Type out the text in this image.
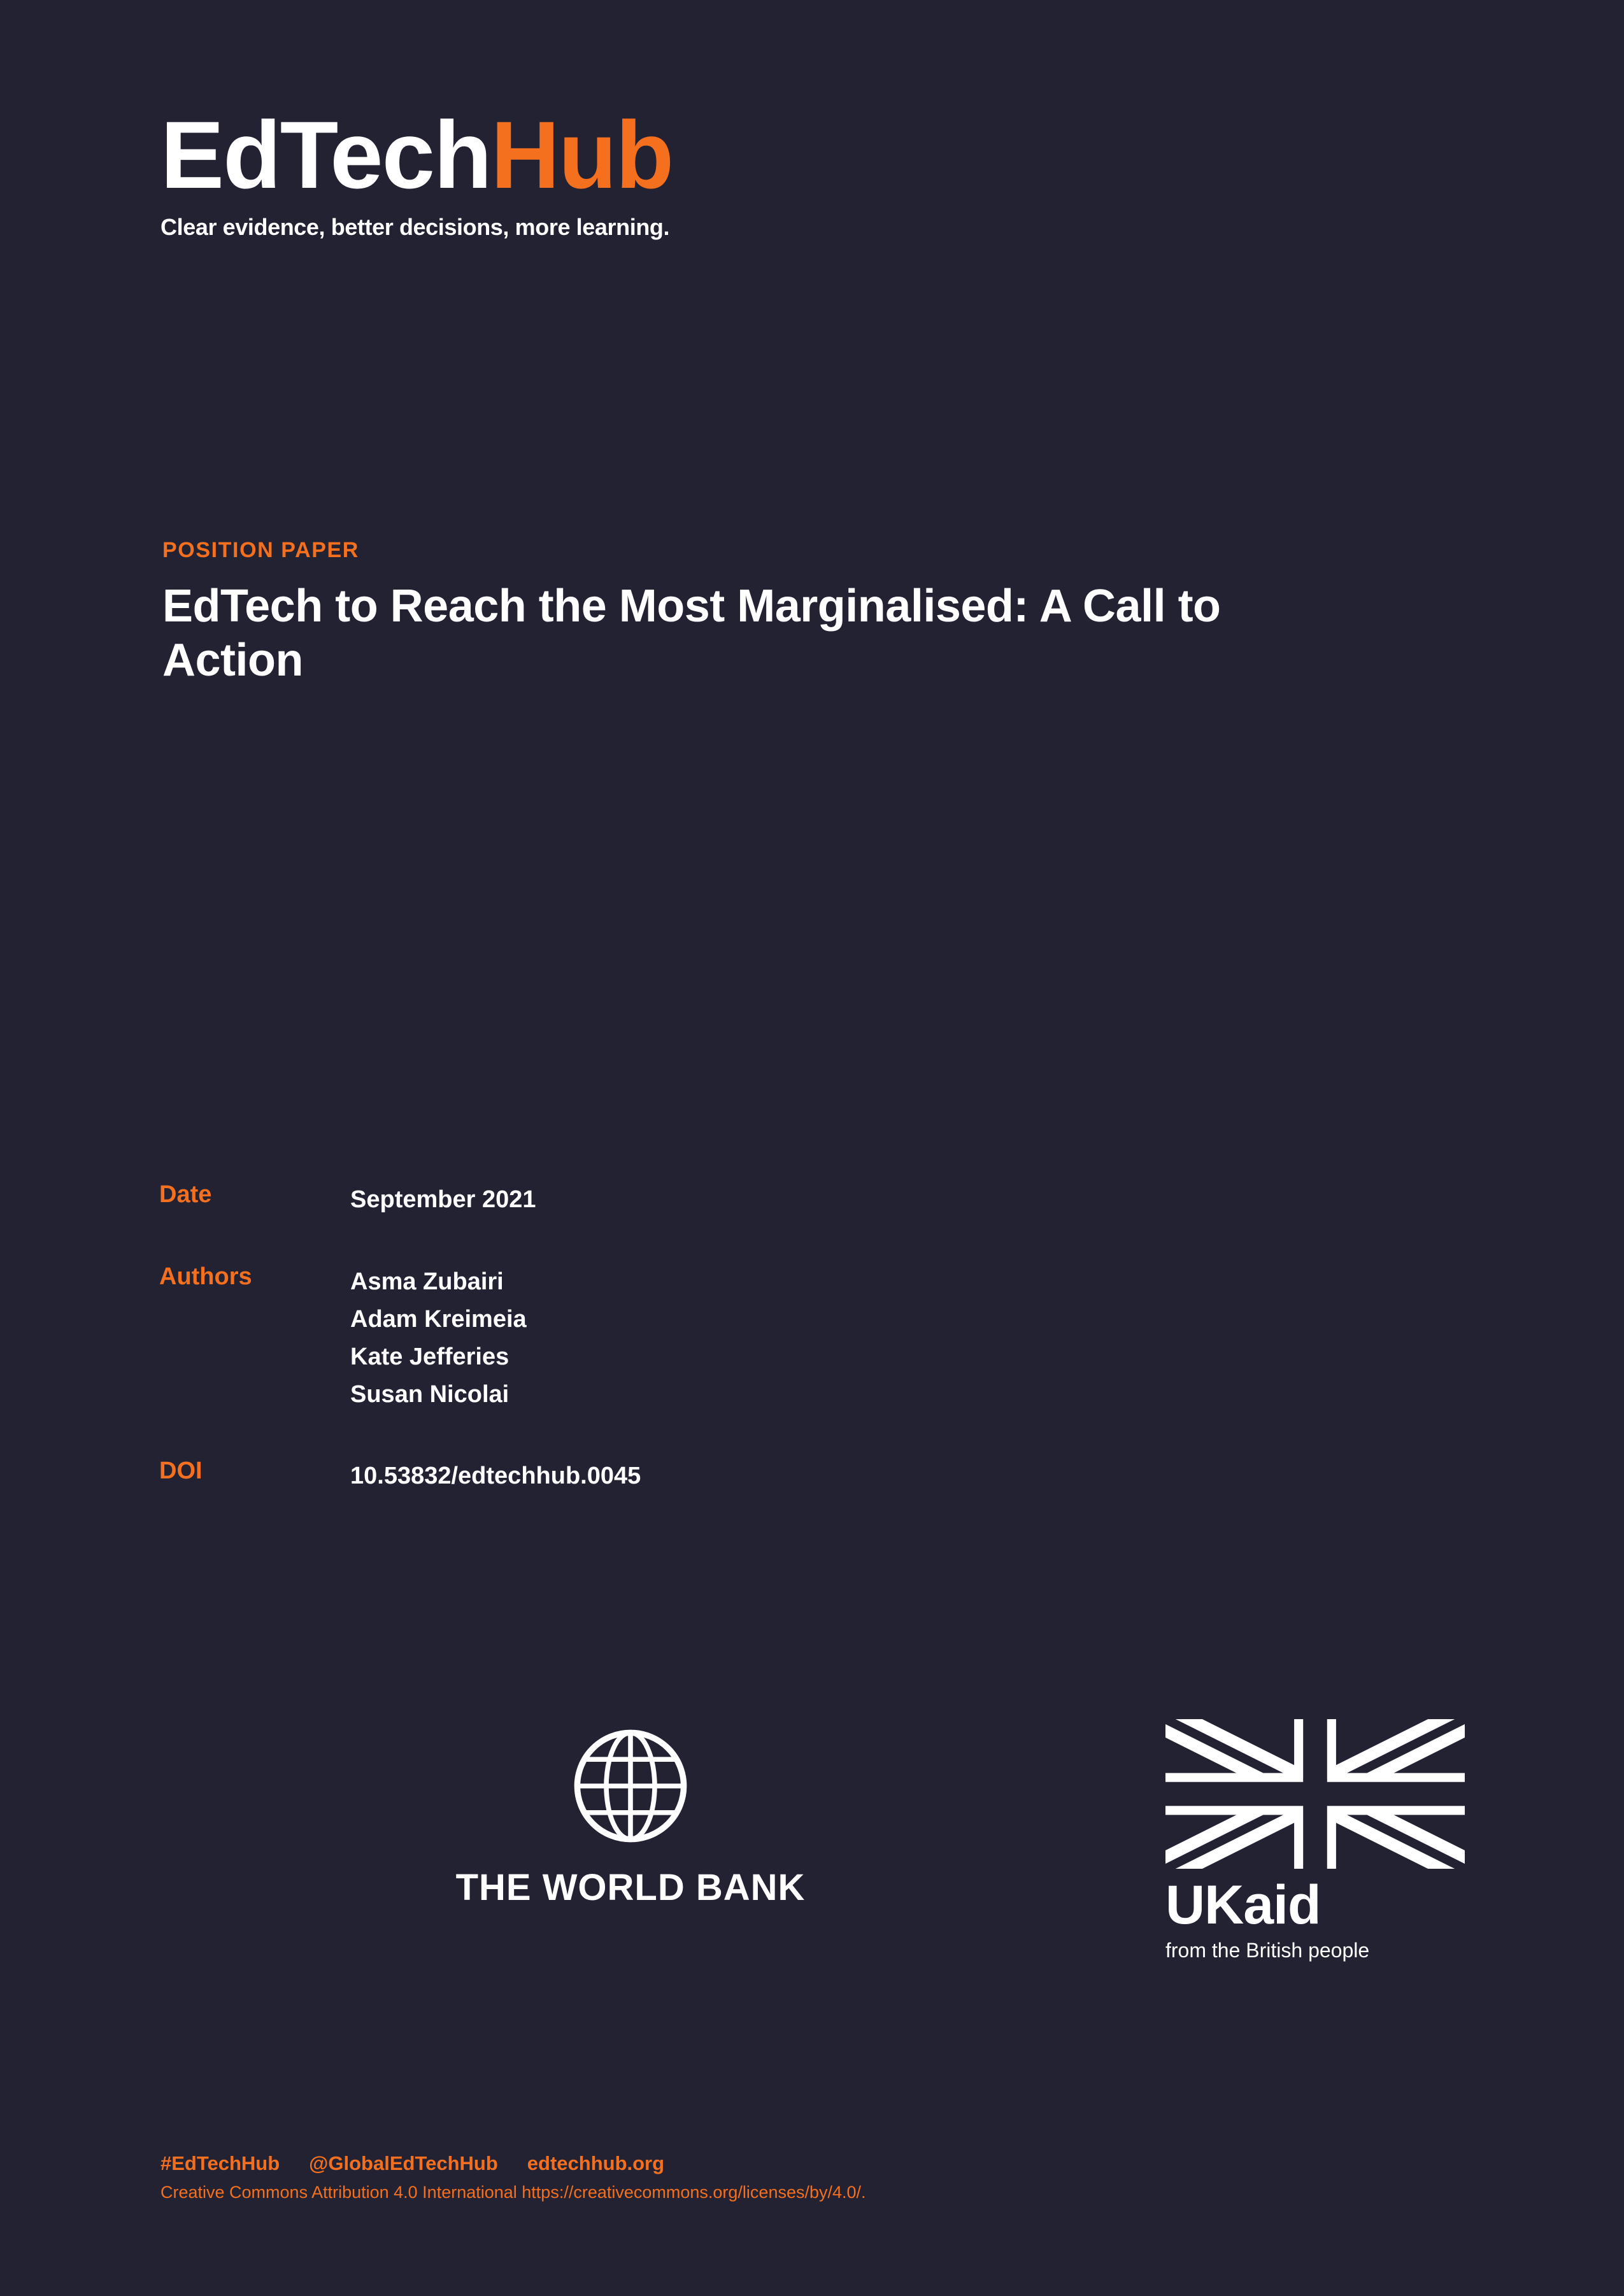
EdTechHub
Clear evidence, better decisions, more learning.
POSITION PAPER
EdTech to Reach the Most Marginalised: A Call to Action
Date	September 2021
Authors	Asma Zubairi
Adam Kreimeia
Kate Jefferies
Susan Nicolai
DOI	10.53832/edtechhub.0045
THE WORLD BANK	UKaid
from the British people
#EdTechHub @GlobalEdTechHub edtechhub.org
Creative Commons Attribution 4.0 International https://creativecommons.org/licenses/by/4.0/.
